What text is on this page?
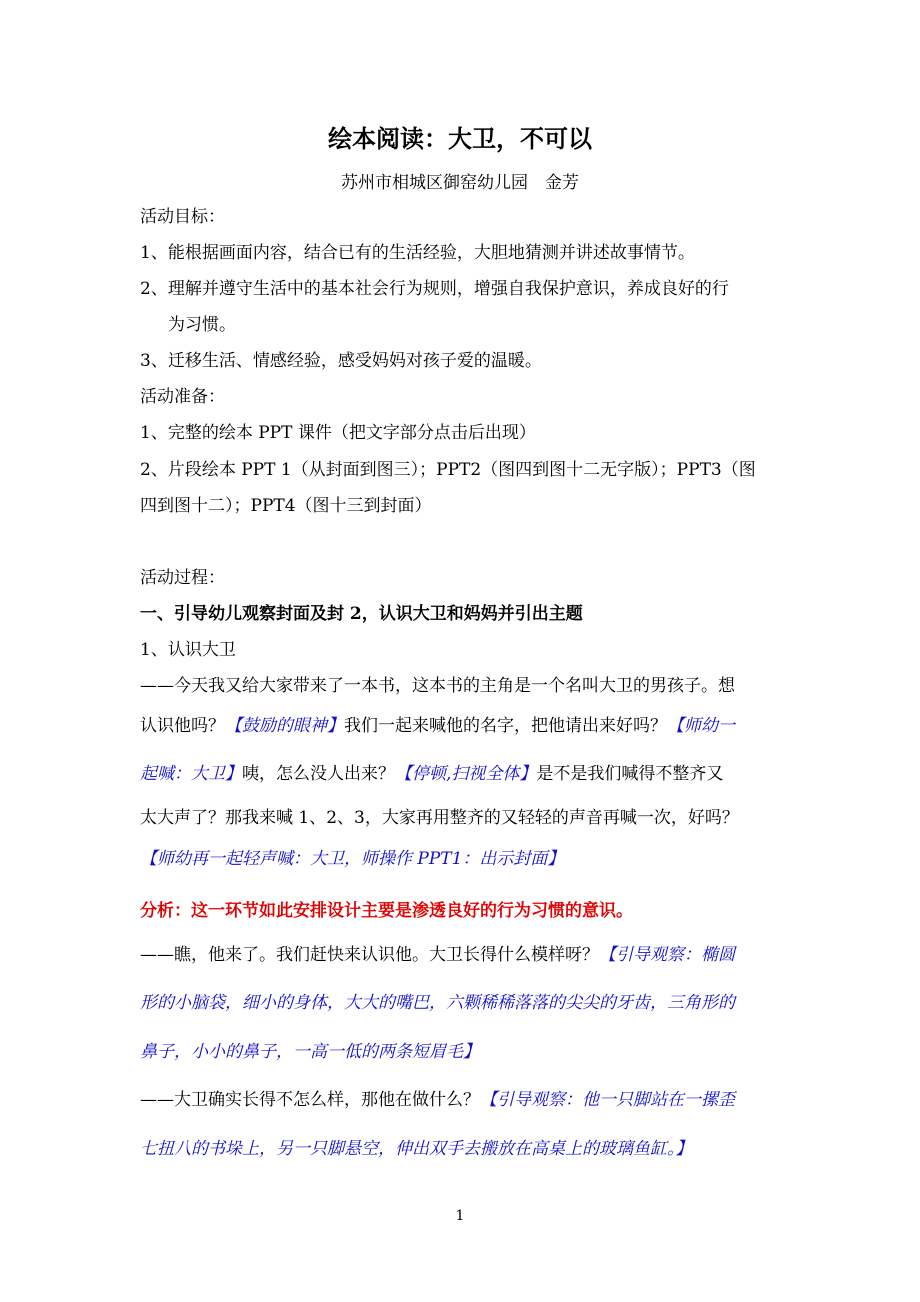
绘本阅读：大卫，不可以
苏州市相城区御窑幼儿园　金芳
活动目标：
1、能根据画面内容，结合已有的生活经验，大胆地猜测并讲述故事情节。
2、理解并遵守生活中的基本社会行为规则，增强自我保护意识，养成良好的行
为习惯。
3、迁移生活、情感经验，感受妈妈对孩子爱的温暖。
活动准备：
1、完整的绘本 PPT 课件（把文字部分点击后出现）
2、片段绘本 PPT 1（从封面到图三）；PPT2（图四到图十二无字版）；PPT3（图
四到图十二）；PPT4（图十三到封面）
活动过程：
一、引导幼儿观察封面及封 2，认识大卫和妈妈并引出主题
1、认识大卫
——今天我又给大家带来了一本书，这本书的主角是一个名叫大卫的男孩子。想
认识他吗？【鼓励的眼神】我们一起来喊他的名字，把他请出来好吗？【师幼一
起喊：大卫】咦，怎么没人出来？【停顿,扫视全体】是不是我们喊得不整齐又
太大声了？那我来喊 1、2、3，大家再用整齐的又轻轻的声音再喊一次，好吗？
【师幼再一起轻声喊：大卫，师操作 PPT1：出示封面】
分析：这一环节如此安排设计主要是渗透良好的行为习惯的意识。
——瞧，他来了。我们赶快来认识他。大卫长得什么模样呀？【引导观察：椭圆
形的小脑袋，细小的身体，大大的嘴巴，六颗稀稀落落的尖尖的牙齿，三角形的
鼻子，小小的鼻子，一高一低的两条短眉毛】
——大卫确实长得不怎么样，那他在做什么？【引导观察：他一只脚站在一摞歪
七扭八的书垛上，另一只脚悬空，伸出双手去搬放在高桌上的玻璃鱼缸。】
1
